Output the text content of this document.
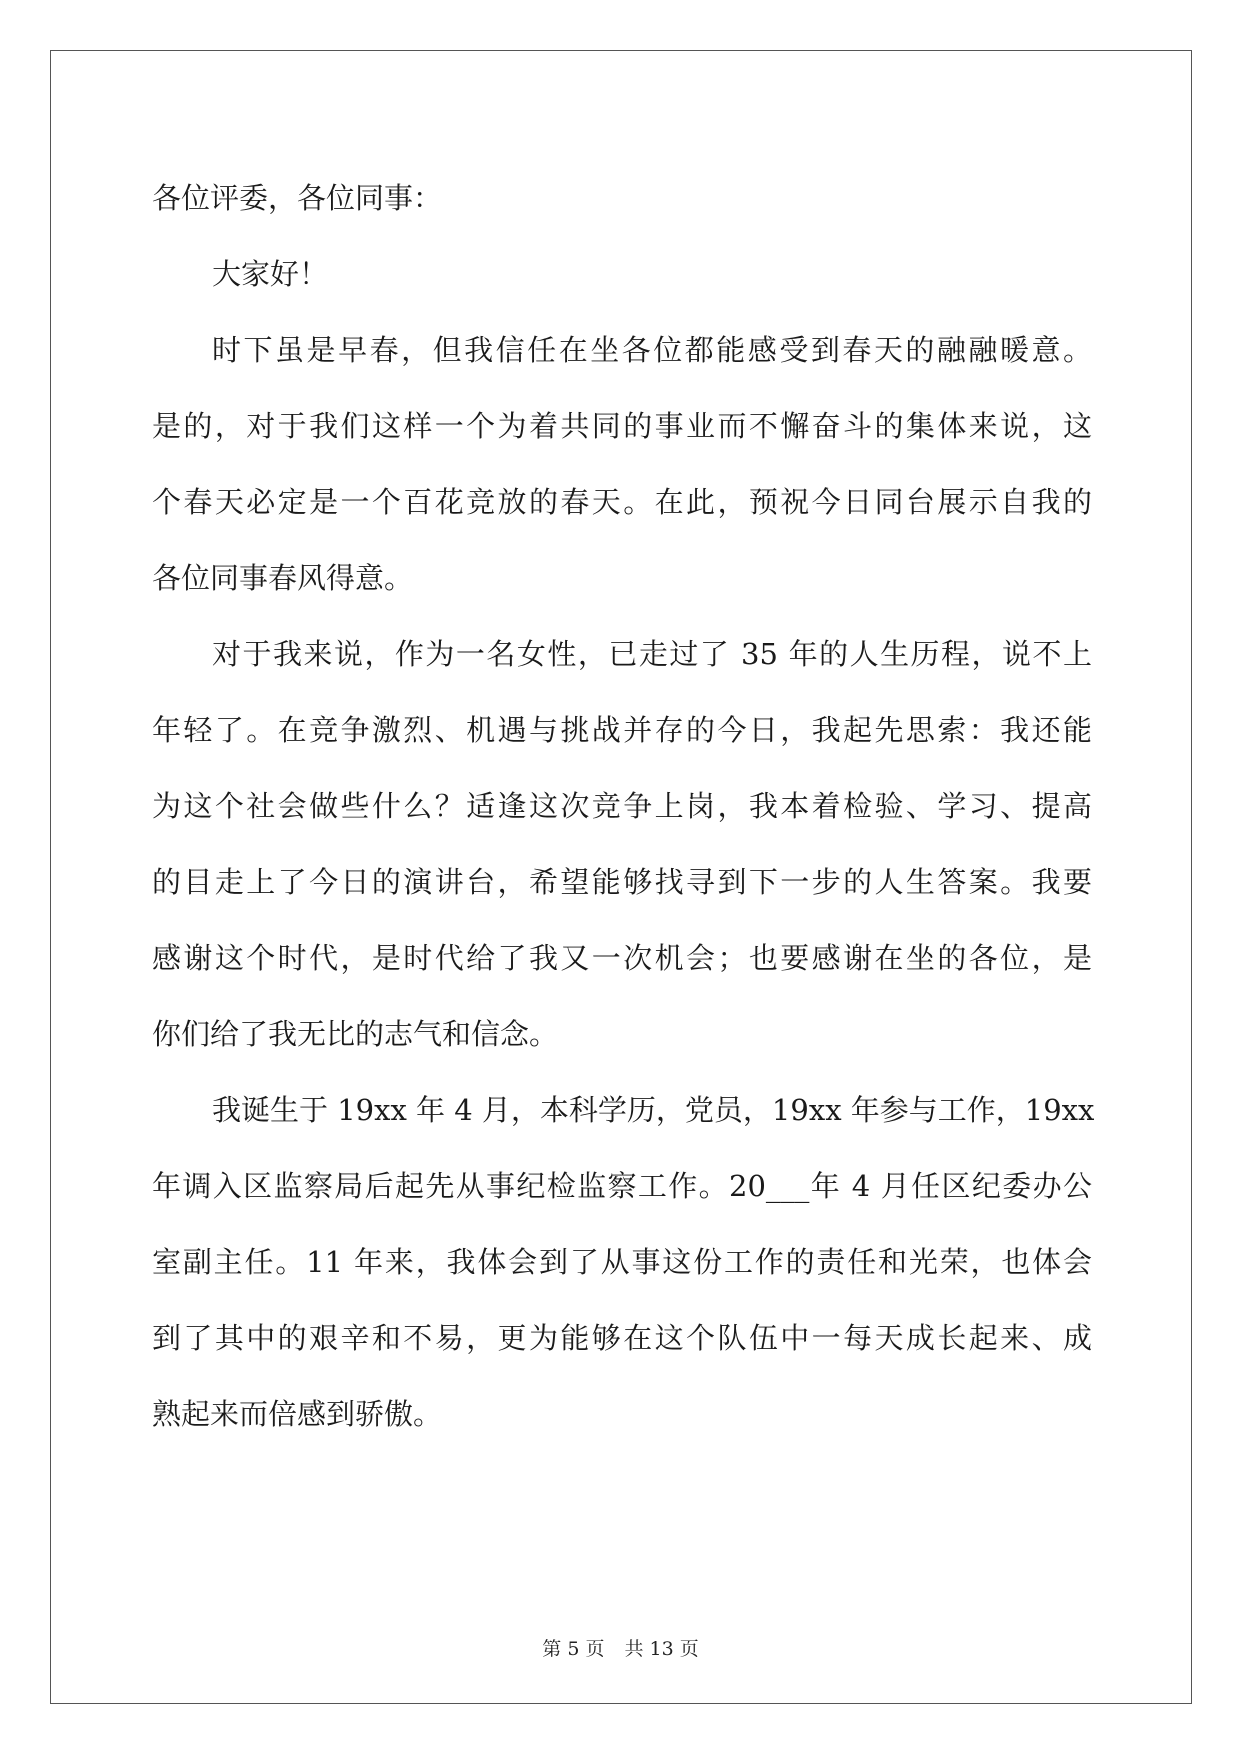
各位评委，各位同事：
大家好！
时下虽是早春，但我信任在坐各位都能感受到春天的融融暖意。
是的，对于我们这样一个为着共同的事业而不懈奋斗的集体来说，这
个春天必定是一个百花竞放的春天。在此，预祝今日同台展示自我的
各位同事春风得意。
对于我来说，作为一名女性，已走过了 35 年的人生历程，说不上
年轻了。在竞争激烈、机遇与挑战并存的今日，我起先思索：我还能
为这个社会做些什么？适逢这次竞争上岗，我本着检验、学习、提高
的目走上了今日的演讲台，希望能够找寻到下一步的人生答案。我要
感谢这个时代，是时代给了我又一次机会；也要感谢在坐的各位，是
你们给了我无比的志气和信念。
我诞生于 19xx 年 4 月，本科学历，党员，19xx 年参与工作，19xx
年调入区监察局后起先从事纪检监察工作。20___年 4 月任区纪委办公
室副主任。11 年来，我体会到了从事这份工作的责任和光荣，也体会
到了其中的艰辛和不易，更为能够在这个队伍中一每天成长起来、成
熟起来而倍感到骄傲。
第 5 页 共 13 页
